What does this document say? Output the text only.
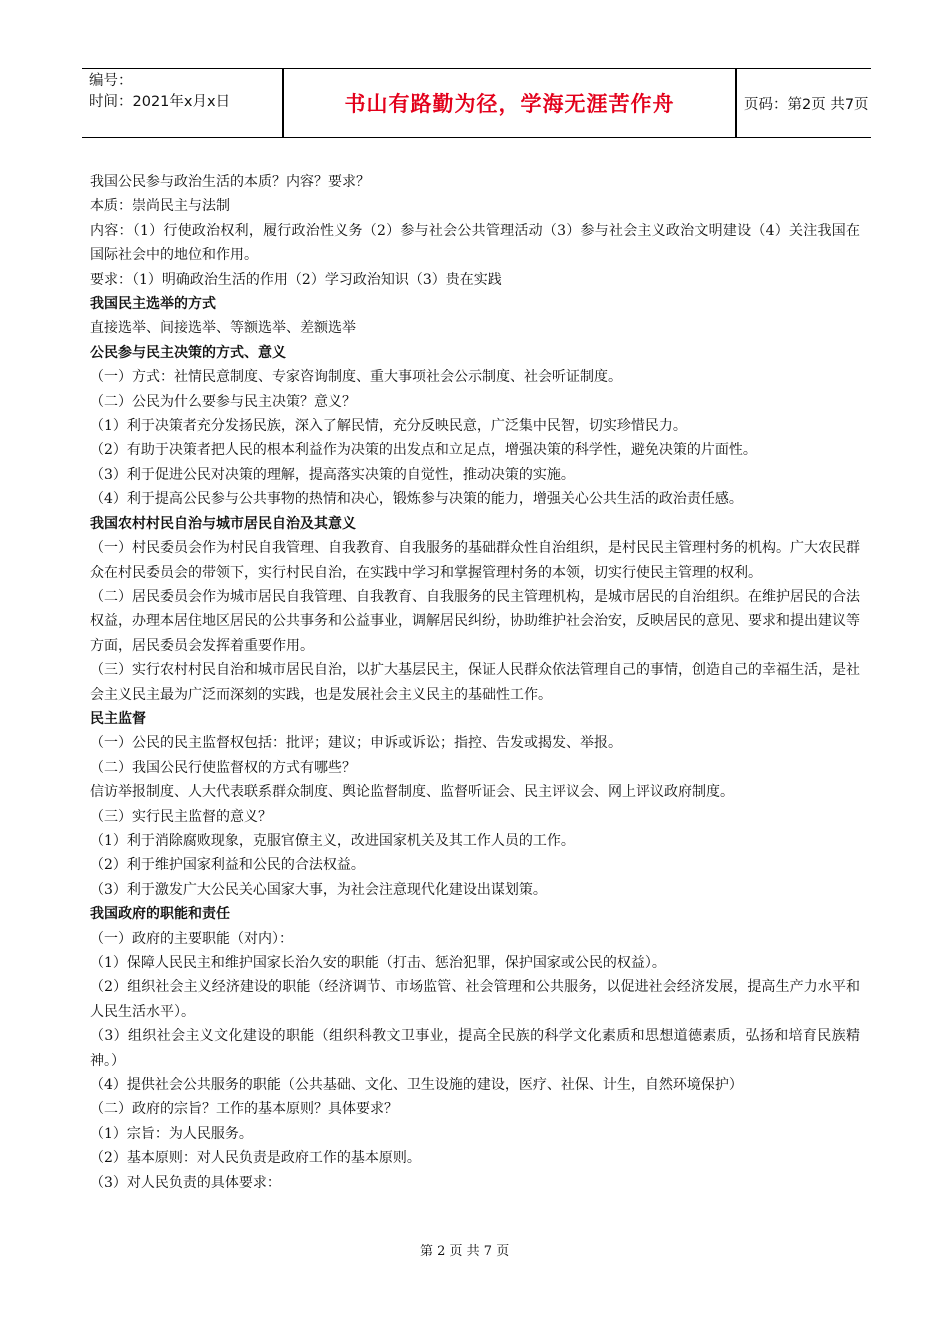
编号：
时间：2021年x月x日	书山有路勤为径，学海无涯苦作舟	页码：第2页 共7页

我国公民参与政治生活的本质？内容？要求？

本质：崇尚民主与法制

内容：（1）行使政治权利，履行政治性义务（2）参与社会公共管理活动（3）参与社会主义政治文明建设（4）关注我国在国际社会中的地位和作用。

要求：（1）明确政治生活的作用（2）学习政治知识（3）贵在实践

我国民主选举的方式

直接选举、间接选举、等额选举、差额选举

公民参与民主决策的方式、意义

（一）方式：社情民意制度、专家咨询制度、重大事项社会公示制度、社会听证制度。

（二）公民为什么要参与民主决策？意义？

（1）利于决策者充分发扬民族，深入了解民情，充分反映民意，广泛集中民智，切实珍惜民力。

（2）有助于决策者把人民的根本利益作为决策的出发点和立足点，增强决策的科学性，避免决策的片面性。

（3）利于促进公民对决策的理解，提高落实决策的自觉性，推动决策的实施。

（4）利于提高公民参与公共事物的热情和决心，锻炼参与决策的能力，增强关心公共生活的政治责任感。

我国农村村民自治与城市居民自治及其意义

（一）村民委员会作为村民自我管理、自我教育、自我服务的基础群众性自治组织，是村民民主管理村务的机构。广大农民群众在村民委员会的带领下，实行村民自治，在实践中学习和掌握管理村务的本领，切实行使民主管理的权利。

（二）居民委员会作为城市居民自我管理、自我教育、自我服务的民主管理机构，是城市居民的自治组织。在维护居民的合法权益，办理本居住地区居民的公共事务和公益事业，调解居民纠纷，协助维护社会治安，反映居民的意见、要求和提出建议等方面，居民委员会发挥着重要作用。

（三）实行农村村民自治和城市居民自治，以扩大基层民主，保证人民群众依法管理自己的事情，创造自己的幸福生活，是社会主义民主最为广泛而深刻的实践，也是发展社会主义民主的基础性工作。

民主监督

（一）公民的民主监督权包括：批评；建议；申诉或诉讼；指控、告发或揭发、举报。

（二）我国公民行使监督权的方式有哪些？

信访举报制度、人大代表联系群众制度、舆论监督制度、监督听证会、民主评议会、网上评议政府制度。

（三）实行民主监督的意义？

（1）利于消除腐败现象，克服官僚主义，改进国家机关及其工作人员的工作。

（2）利于维护国家利益和公民的合法权益。

（3）利于激发广大公民关心国家大事，为社会注意现代化建设出谋划策。

我国政府的职能和责任

（一）政府的主要职能（对内）：

（1）保障人民民主和维护国家长治久安的职能（打击、惩治犯罪，保护国家或公民的权益）。

（2）组织社会主义经济建设的职能（经济调节、市场监管、社会管理和公共服务，以促进社会经济发展，提高生产力水平和人民生活水平）。

（3）组织社会主义文化建设的职能（组织科教文卫事业，提高全民族的科学文化素质和思想道德素质，弘扬和培育民族精神。）

（4）提供社会公共服务的职能（公共基础、文化、卫生设施的建设，医疗、社保、计生，自然环境保护）

（二）政府的宗旨？工作的基本原则？具体要求？

（1）宗旨：为人民服务。

（2）基本原则：对人民负责是政府工作的基本原则。

（3）对人民负责的具体要求：

第 2 页 共 7 页
